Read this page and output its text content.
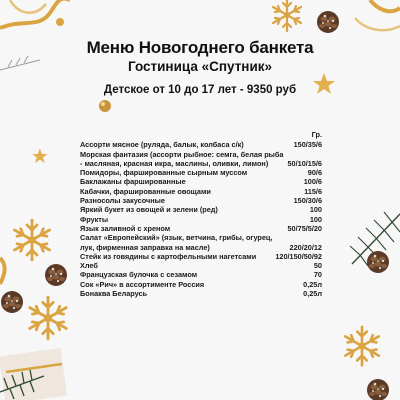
Меню Новогоднего банкета
Гостиница «Спутник»
Детское от 10 до 17 лет - 9350 руб
Гр.
Ассорти мясное (руляда, балык, колбаса с/к)	150/35/6
Морская фантазия (ассорти рыбное: семга, белая рыба - масляная, красная икра, маслины, оливки, лимон)	50/10/15/6
Помидоры, фаршированные сырным муссом	90/6
Баклажаны фаршированные	100/6
Кабачки, фаршированные овощами	115/6
Разносолы закусочные	150/30/6
Яркий букет из овощей и зелени (ред)	100
Фрукты	100
Язык заливной с хреном	50/75/5/20
Салат «Европейский» (язык, ветчина, грибы, огурец, лук, фирменная заправка на масле)	220/20/12
Стейк из говядины с картофельными нагетсами	120/150/50/92
Хлеб	50
Французская булочка с сезамом	70
Сок «Рич» в ассортименте Россия	0,25л
Бонаква Беларусь	0,25л
